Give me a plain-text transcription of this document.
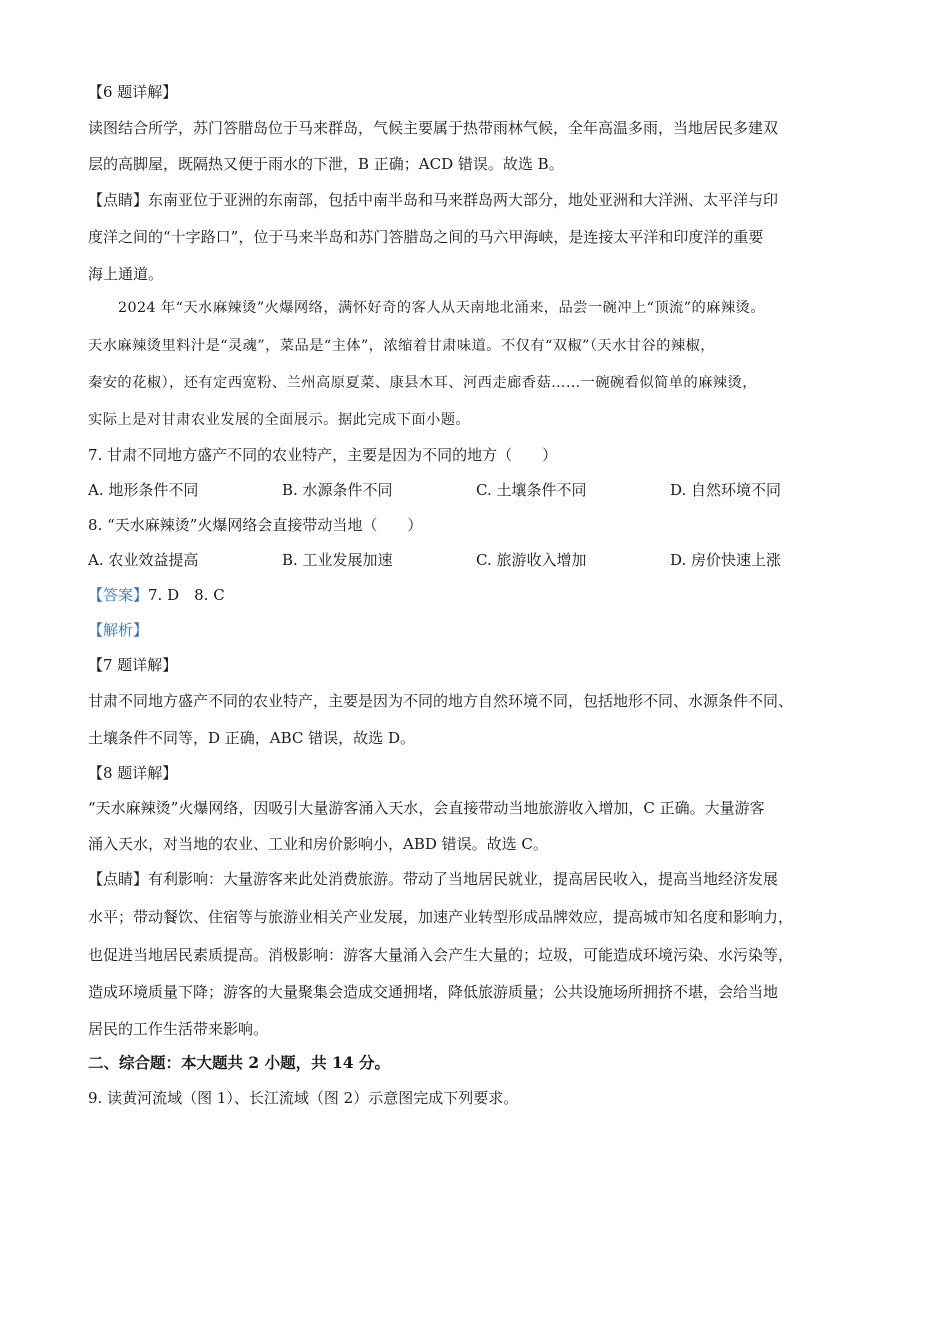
【6 题详解】
读图结合所学，苏门答腊岛位于马来群岛，气候主要属于热带雨林气候，全年高温多雨，当地居民多建双
层的高脚屋，既隔热又便于雨水的下泄，B 正确；ACD 错误。故选 B。
【点睛】东南亚位于亚洲的东南部，包括中南半岛和马来群岛两大部分，地处亚洲和大洋洲、太平洋与印
度洋之间的“十字路口”，位于马来半岛和苏门答腊岛之间的马六甲海峡，是连接太平洋和印度洋的重要
海上通道。
2024 年“天水麻辣烫”火爆网络，满怀好奇的客人从天南地北涌来，品尝一碗冲上“顶流”的麻辣烫。
天水麻辣烫里料汁是“灵魂”，菜品是“主体”，浓缩着甘肃味道。不仅有“双椒”（天水甘谷的辣椒，
秦安的花椒），还有定西宽粉、兰州高原夏菜、康县木耳、河西走廊香菇……一碗碗看似简单的麻辣烫，
实际上是对甘肃农业发展的全面展示。据此完成下面小题。
7. 甘肃不同地方盛产不同的农业特产，主要是因为不同的地方（　　）
A. 地形条件不同	B. 水源条件不同	C. 土壤条件不同	D. 自然环境不同
8. “天水麻辣烫”火爆网络会直接带动当地（　　）
A. 农业效益提高	B. 工业发展加速	C. 旅游收入增加	D. 房价快速上涨
【答案】7. D　8. C
【解析】
【7 题详解】
甘肃不同地方盛产不同的农业特产，主要是因为不同的地方自然环境不同，包括地形不同、水源条件不同、
土壤条件不同等，D 正确，ABC 错误，故选 D。
【8 题详解】
“天水麻辣烫”火爆网络，因吸引大量游客涌入天水，会直接带动当地旅游收入增加，C 正确。大量游客
涌入天水，对当地的农业、工业和房价影响小，ABD 错误。故选 C。
【点睛】有利影响：大量游客来此处消费旅游。带动了当地居民就业，提高居民收入，提高当地经济发展
水平；带动餐饮、住宿等与旅游业相关产业发展，加速产业转型形成品牌效应，提高城市知名度和影响力，
也促进当地居民素质提高。消极影响：游客大量涌入会产生大量的；垃圾，可能造成环境污染、水污染等，
造成环境质量下降；游客的大量聚集会造成交通拥堵，降低旅游质量；公共设施场所拥挤不堪，会给当地
居民的工作生活带来影响。
二、综合题：本大题共 2 小题，共 14 分。
9. 读黄河流域（图 1）、长江流域（图 2）示意图完成下列要求。
